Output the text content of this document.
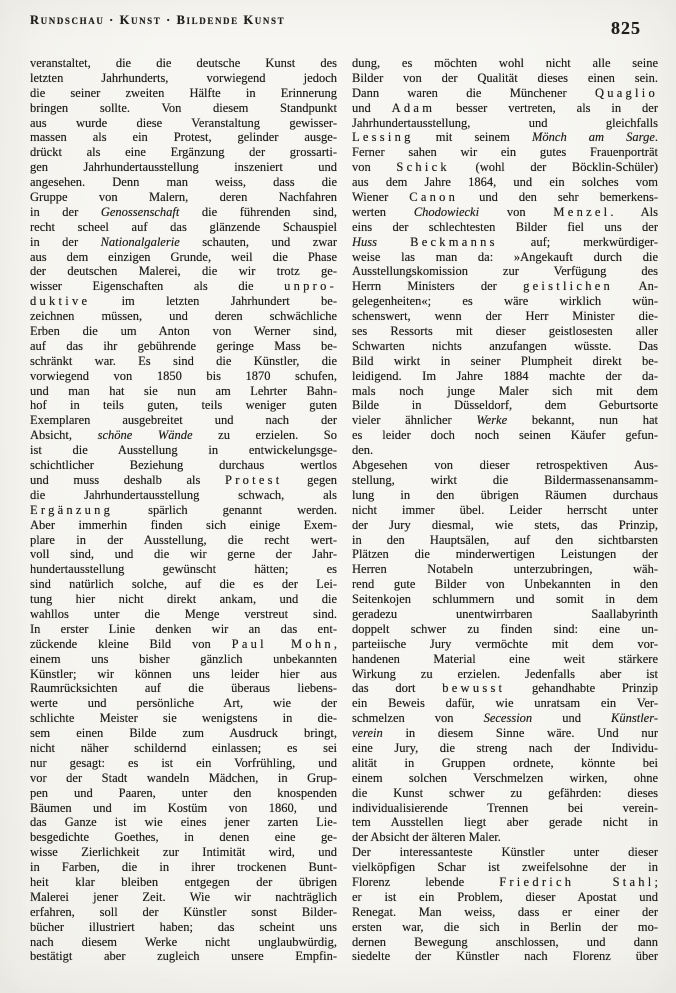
Rundschau · Kunst · Bildende Kunst	825
veranstaltet, die die deutsche Kunst des
letzten Jahrhunderts, vorwiegend jedoch
die seiner zweiten Hälfte in Erinnerung
bringen sollte. Von diesem Standpunkt
aus wurde diese Veranstaltung gewisser-
massen als ein Protest, gelinder ausge-
drückt als eine Ergänzung der grossarti-
gen Jahrhundertausstellung inszeniert und
angesehen. Denn man weiss, dass die
Gruppe von Malern, deren Nachfahren
in der Genossenschaft die führenden sind,
recht scheel auf das glänzende Schauspiel
in der Nationalgalerie schauten, und zwar
aus dem einzigen Grunde, weil die Phase
der deutschen Malerei, die wir trotz ge-
wisser Eigenschaften als die unpro-
duktive im letzten Jahrhundert be-
zeichnen müssen, und deren schwächliche
Erben die um Anton von Werner sind,
auf das ihr gebührende geringe Mass be-
schränkt war. Es sind die Künstler, die
vorwiegend von 1850 bis 1870 schufen,
und man hat sie nun am Lehrter Bahn-
hof in teils guten, teils weniger guten
Exemplaren ausgebreitet und nach der
Absicht, schöne Wände zu erzielen. So
ist die Ausstellung in entwickelungsge-
schichtlicher Beziehung durchaus wertlos
und muss deshalb als Protest gegen
die Jahrhundertausstellung schwach, als
Ergänzung spärlich genannt werden.
Aber immerhin finden sich einige Exem-
plare in der Ausstellung, die recht wert-
voll sind, und die wir gerne der Jahr-
hundertausstellung gewünscht hätten; es
sind natürlich solche, auf die es der Lei-
tung hier nicht direkt ankam, und die
wahllos unter die Menge verstreut sind.
In erster Linie denken wir an das ent-
zückende kleine Bild von Paul Mohn,
einem uns bisher gänzlich unbekannten
Künstler; wir können uns leider hier aus
Raumrücksichten auf die überaus liebens-
werte und persönliche Art, wie der
schlichte Meister sie wenigstens in die-
sem einen Bilde zum Ausdruck bringt,
nicht näher schildernd einlassen; es sei
nur gesagt: es ist ein Vorfrühling, und
vor der Stadt wandeln Mädchen, in Grup-
pen und Paaren, unter den knospenden
Bäumen und im Kostüm von 1860, und
das Ganze ist wie eines jener zarten Lie-
besgedichte Goethes, in denen eine ge-
wisse Zierlichkeit zur Intimität wird, und
in Farben, die in ihrer trockenen Bunt-
heit klar bleiben entgegen der übrigen
Malerei jener Zeit. Wie wir nachträglich
erfahren, soll der Künstler sonst Bilder-
bücher illustriert haben; das scheint uns
nach diesem Werke nicht unglaubwürdig,
bestätigt aber zugleich unsere Empfin-
dung, es möchten wohl nicht alle seine
Bilder von der Qualität dieses einen sein.
Dann waren die Münchener Quaglio
und Adam besser vertreten, als in der
Jahrhundertausstellung, und gleichfalls
Lessing mit seinem Mönch am Sarge.
Ferner sahen wir ein gutes Frauenporträt
von Schick (wohl der Böcklin-Schüler)
aus dem Jahre 1864, und ein solches vom
Wiener Canon und den sehr bemerkens-
werten Chodowiecki von Menzel. Als
eins der schlechtesten Bilder fiel uns der
Huss	Beckmanns auf; merkwürdiger-
weise las man da: »Angekauft durch die
Ausstellungskomission zur Verfügung des
Herrn Ministers der geistlichen An-
gelegenheiten«; es wäre wirklich wün-
schenswert, wenn der Herr Minister die-
ses Ressorts mit dieser geistlosesten aller
Schwarten nichts anzufangen wüsste. Das
Bild wirkt in seiner Plumpheit direkt be-
leidigend. Im Jahre 1884 machte der da-
mals noch junge Maler sich mit dem
Bilde in Düsseldorf, dem Geburtsorte
vieler ähnlicher Werke bekannt, nun hat
es leider doch noch seinen Käufer gefun-
den.
Abgesehen von dieser retrospektiven Aus-
stellung, wirkt die Bildermassenansamm-
lung in den übrigen Räumen durchaus
nicht immer übel. Leider herrscht unter
der Jury diesmal, wie stets, das Prinzip,
in den Hauptsälen, auf den sichtbarsten
Plätzen die minderwertigen Leistungen der
Herren Notabeln unterzubringen, wäh-
rend gute Bilder von Unbekannten in den
Seitenkojen schlummern und somit in dem
geradezu unentwirrbaren Saallabyrinth
doppelt schwer zu finden sind: eine un-
parteiische Jury vermöchte mit dem vor-
handenen Material eine weit stärkere
Wirkung zu erzielen. Jedenfalls aber ist
das dort bewusst gehandhabte Prinzip
ein Beweis dafür, wie unratsam ein Ver-
schmelzen von Secession und Künstler-
verein in diesem Sinne wäre. Und nur
eine Jury, die streng nach der Individu-
alität in Gruppen ordnete, könnte bei
einem solchen Verschmelzen wirken, ohne
die Kunst schwer zu gefährden: dieses
individualisierende Trennen bei verein-
tem Ausstellen liegt aber gerade nicht in
der Absicht der älteren Maler.
Der interessanteste Künstler unter dieser
vielköpfigen Schar ist zweifelsohne der in
Florenz lebende Friedrich Stahl;
er ist ein Problem, dieser Apostat und
Renegat. Man weiss, dass er einer der
ersten war, die sich in Berlin der mo-
dernen Bewegung anschlossen, und dann
siedelte der Künstler nach Florenz über
